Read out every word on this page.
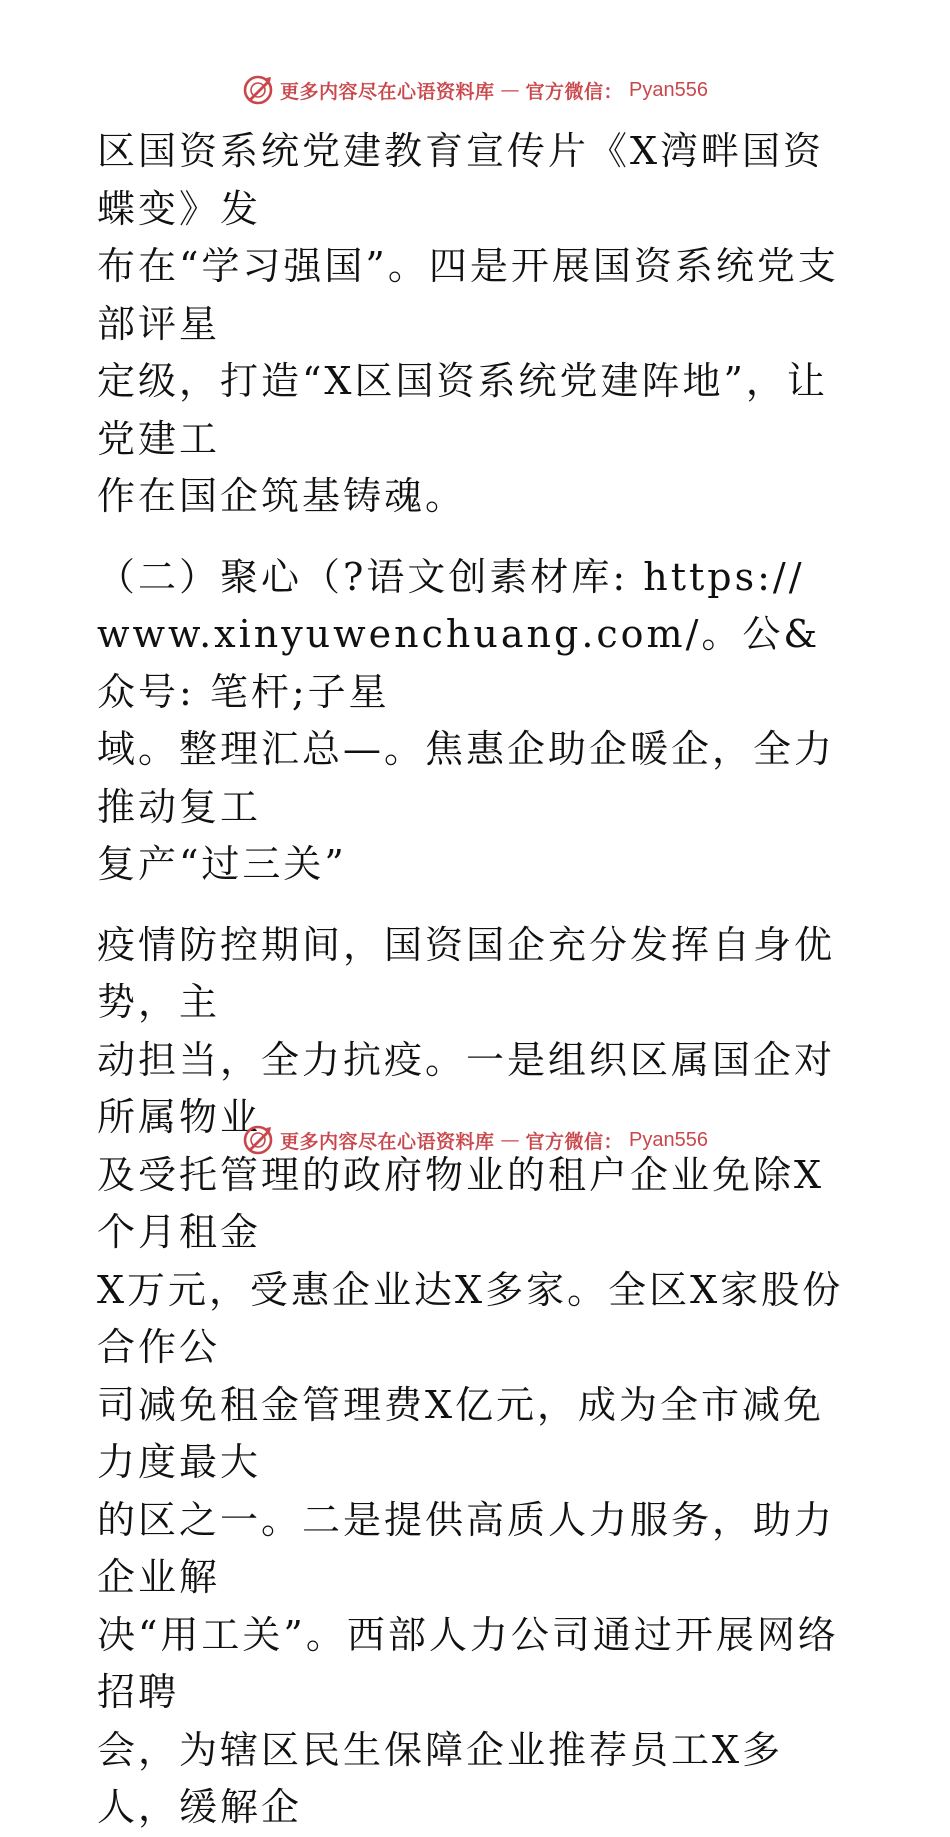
更多内容尽在心语资料库 — 官方微信： Pyan556

区国资系统党建教育宣传片《X湾畔国资蝶变》发
布在“学习强国”。四是开展国资系统党支部评星
定级，打造“X区国资系统党建阵地”，让党建工
作在国企筑基铸魂。

（二）聚心（?语文创素材库: https://
www.xinyuwenchuang.com/。公&众号: 笔杆;子星
域。整理汇总—。焦惠企助企暖企，全力推动复工
复产“过三关”

疫情防控期间，国资国企充分发挥自身优势，主
动担当，全力抗疫。一是组织区属国企对所属物业
及受托管理的政府物业的租户企业免除X个月租金
X万元，受惠企业达X多家。全区X家股份合作公
司减免租金管理费X亿元，成为全市减免力度最大
的区之一。二是提供高质人力服务，助力企业解
决“用工关”。西部人力公司通过开展网络招聘
会，为辖区民生保障企业推荐员工X多人，缓解企

更多内容尽在心语资料库 — 官方微信： Pyan556
